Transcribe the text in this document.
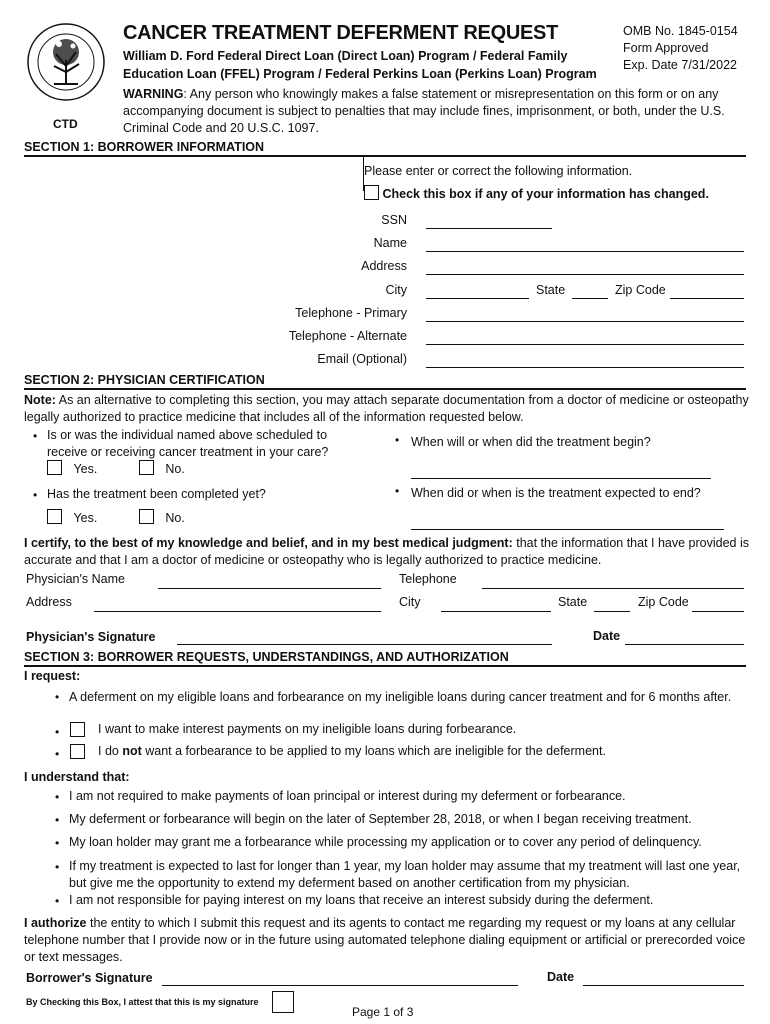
CTD
CANCER TREATMENT DEFERMENT REQUEST
William D. Ford Federal Direct Loan (Direct Loan) Program / Federal Family
Education Loan (FFEL) Program / Federal Perkins Loan (Perkins Loan) Program
OMB No. 1845-0154
Form Approved
Exp. Date 7/31/2022
WARNING: Any person who knowingly makes a false statement or misrepresentation on this form or on any accompanying document is subject to penalties that may include fines, imprisonment, or both, under the U.S. Criminal Code and 20 U.S.C. 1097.
SECTION 1: BORROWER INFORMATION
Please enter or correct the following information.
Check this box if any of your information has changed.
SSN
Name
Address
City	State	Zip Code
Telephone - Primary
Telephone - Alternate
Email (Optional)
SECTION 2: PHYSICIAN CERTIFICATION
Note: As an alternative to completing this section, you may attach separate documentation from a doctor of medicine or osteopathy legally authorized to practice medicine that includes all of the information requested below.
• Is or was the individual named above scheduled to
receive or receiving cancer treatment in your care?
Yes.	No.
• Has the treatment been completed yet?
Yes.	No.
• When will or when did the treatment begin?
• When did or when is the treatment expected to end?
I certify, to the best of my knowledge and belief, and in my best medical judgment: that the information that I have provided is accurate and that I am a doctor of medicine or osteopathy who is legally authorized to practice medicine.
Physician's Name	Telephone
Address	City	State	Zip Code
Physician's Signature	Date
SECTION 3: BORROWER REQUESTS, UNDERSTANDINGS, AND AUTHORIZATION
I request:
• A deferment on my eligible loans and forbearance on my ineligible loans during cancer treatment and for 6 months after.
•	I want to make interest payments on my ineligible loans during forbearance.
•	I do not want a forbearance to be applied to my loans which are ineligible for the deferment.
I understand that:
• I am not required to make payments of loan principal or interest during my deferment or forbearance.
• My deferment or forbearance will begin on the later of September 28, 2018, or when I began receiving treatment.
• My loan holder may grant me a forbearance while processing my application or to cover any period of delinquency.
• If my treatment is expected to last for longer than 1 year, my loan holder may assume that my treatment will last one year, but give me the opportunity to extend my deferment based on another certification from my physician.
• I am not responsible for paying interest on my loans that receive an interest subsidy during the deferment.
I authorize the entity to which I submit this request and its agents to contact me regarding my request or my loans at any cellular telephone number that I provide now or in the future using automated telephone dialing equipment or artificial or prerecorded voice or text messages.
Borrower's Signature	Date
By Checking this Box, I attest that this is my signature
Page 1 of 3
